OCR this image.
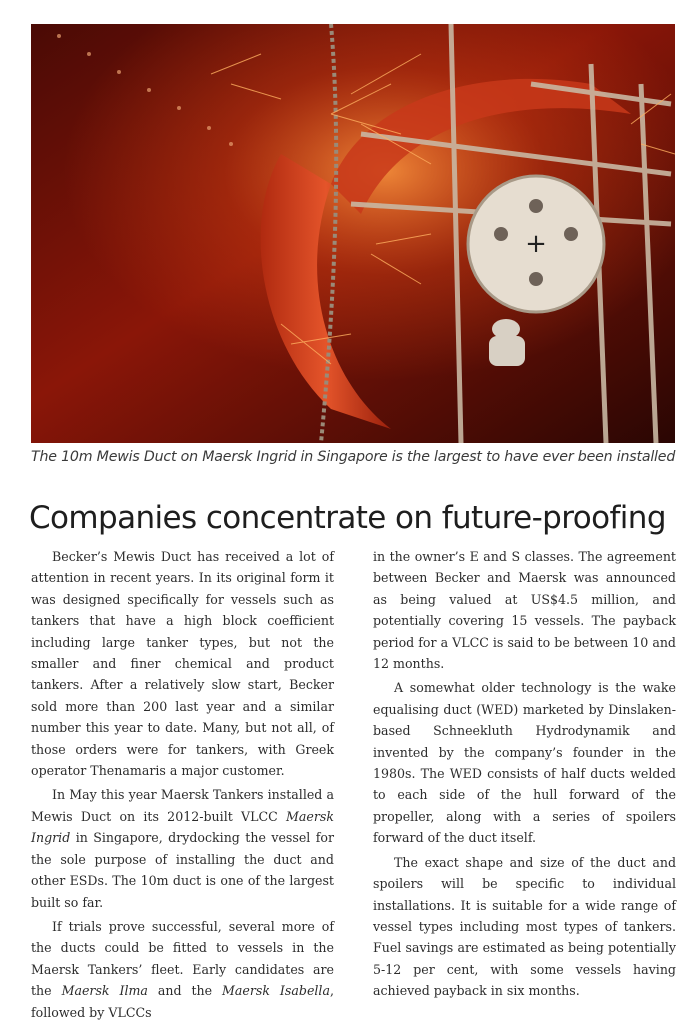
+
The 10m Mewis Duct on Maersk Ingrid in Singapore is the largest to have ever been installed
Companies concentrate on future-proofing

Becker’s Mewis Duct has received a lot of attention in recent years. In its original form it was designed specifically for vessels such as tankers that have a high block coefficient including large tanker types, but not the smaller and finer chemical and product tankers. After a relatively slow start, Becker sold more than 200 last year and a similar number this year to date. Many, but not all, of those orders were for tankers, with Greek operator Thenamaris a major customer.

In May this year Maersk Tankers installed a Mewis Duct on its 2012-built VLCC Maersk Ingrid in Singapore, drydocking the vessel for the sole purpose of installing the duct and other ESDs. The 10m duct is one of the largest built so far.

If trials prove successful, several more of the ducts could be fitted to vessels in the Maersk Tankers’ fleet. Early candidates are the Maersk Ilma and the Maersk Isabella, followed by VLCCs

in the owner’s E and S classes. The agreement between Becker and Maersk was announced as being valued at US$4.5 million, and potentially covering 15 vessels. The payback period for a VLCC is said to be between 10 and 12 months.

A somewhat older technology is the wake equalising duct (WED) marketed by Dinslaken-based Schneekluth Hydrodynamik and invented by the company’s founder in the 1980s. The WED consists of half ducts welded to each side of the hull forward of the propeller, along with a series of spoilers forward of the duct itself.

The exact shape and size of the duct and spoilers will be specific to individual installations. It is suitable for a wide range of vessel types including most types of tankers. Fuel savings are estimated as being potentially 5-12 per cent, with some vessels having achieved payback in six months.
